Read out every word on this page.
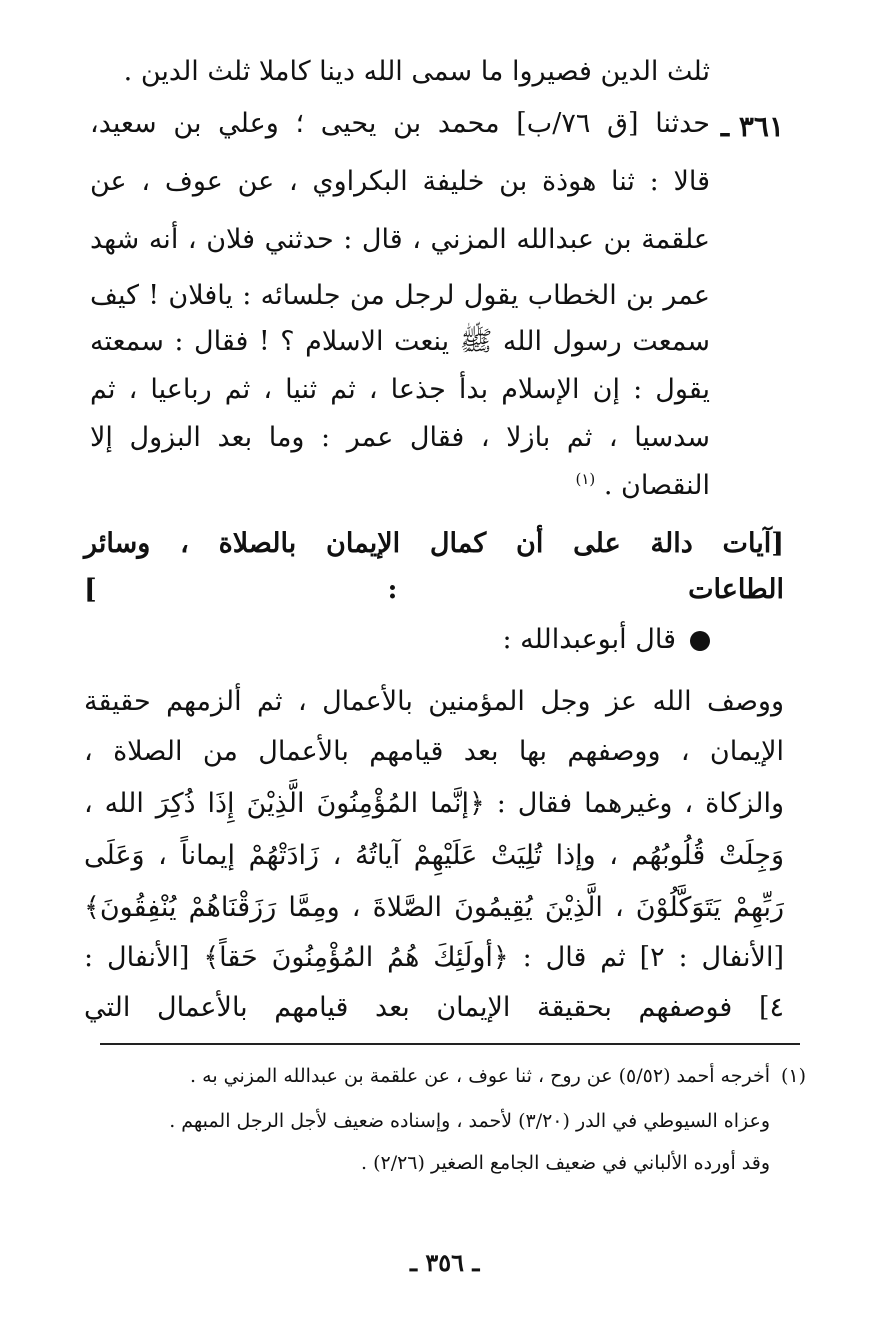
ثلث الدين فصيروا ما سمى الله دينا كاملا ثلث الدين .
٣٦١ ـ
حدثنا [ق ٧٦/ب] محمد بن يحيى ؛ وعلي بن سعيد،
قالا : ثنا هوذة بن خليفة البكراوي ، عن عوف ، عن
علقمة بن عبدالله المزني ، قال : حدثني فلان ، أنه شهد
عمر بن الخطاب يقول لرجل من جلسائه : يافلان ! كيف
سمعت رسول الله ﷺ ينعت الاسلام ؟ ! فقال : سمعته
يقول : إن الإسلام بدأ جذعا ، ثم ثنيا ، ثم رباعيا ، ثم
سدسيا ، ثم بازلا ، فقال عمر : وما بعد البزول إلا
النقصان . $^{(١)}$
[آيات دالة على أن كمال الإيمان بالصلاة ، وسائر
الطاعات : ]
قال أبوعبدالله :
ووصف الله عز وجل المؤمنين بالأعمال ، ثم ألزمهم حقيقة
الإيمان ، ووصفهم بها بعد قيامهم بالأعمال من الصلاة ،
والزكاة ، وغيرهما فقال : ﴿إنَّما المُؤْمِنُونَ الَّذِيْنَ إِذَا ذُكِرَ الله ،
وَجِلَتْ قُلُوبُهُم ، وإذا تُلِيَتْ عَلَيْهِمْ آياتُهُ ، زَادَتْهُمْ إيماناً ، وَعَلَى
رَبِّهِمْ يَتَوَكَّلُوْنَ ، الَّذِيْنَ يُقِيمُونَ الصَّلاةَ ، ومِمَّا رَزَقْنَاهُمْ يُنْفِقُونَ﴾
[الأنفال : ٢] ثم قال : ﴿أولَئِكَ هُمُ المُؤْمِنُونَ حَقاً﴾ [الأنفال :
٤] فوصفهم بحقيقة الإيمان بعد قيامهم بالأعمال التي
(١)
أخرجه أحمد (٥/٥٢) عن روح ، ثنا عوف ، عن علقمة بن عبدالله المزني به .
وعزاه السيوطي في الدر (٣/٢٠) لأحمد ، وإسناده ضعيف لأجل الرجل المبهم .
وقد أورده الألباني في ضعيف الجامع الصغير (٢/٢٦) .
ـ ٣٥٦ ـ
